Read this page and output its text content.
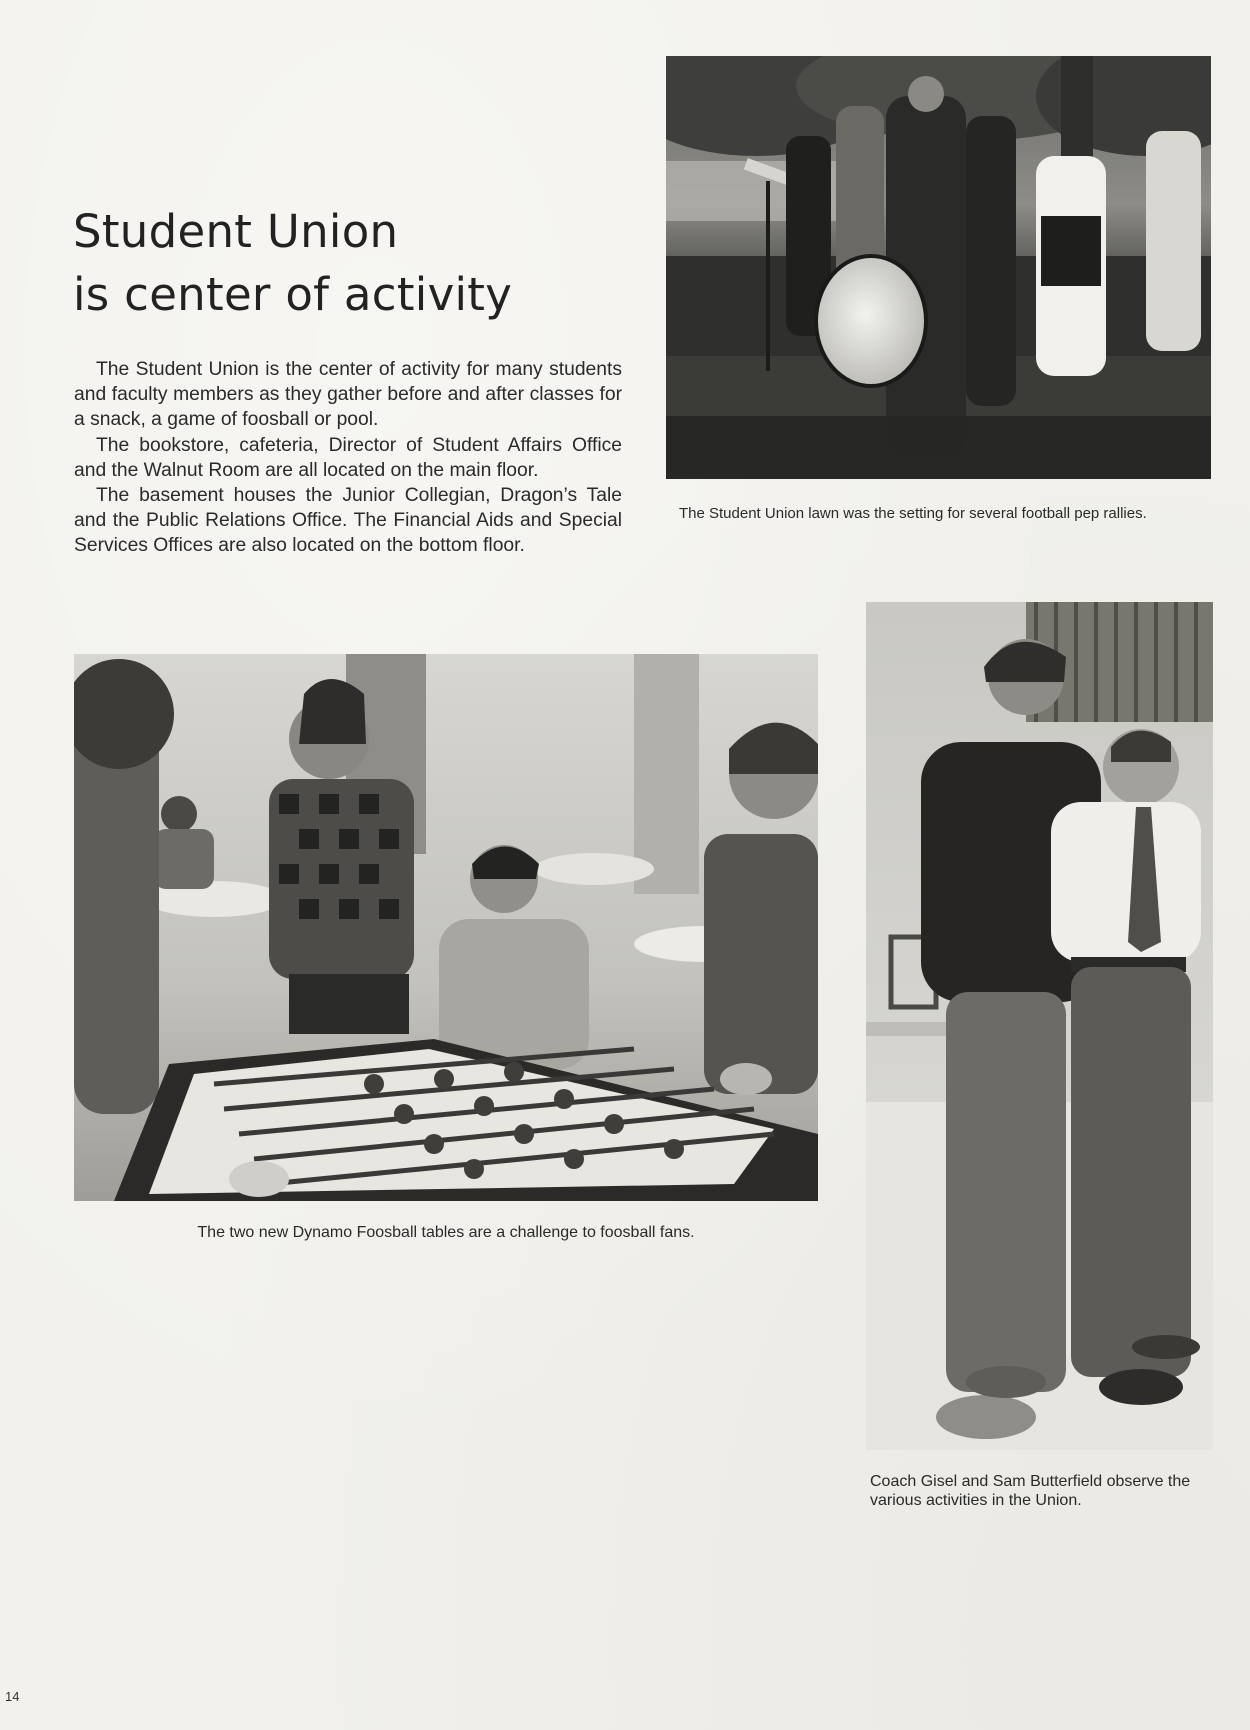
Student Union
is center of activity

The Student Union is the center of activity for many students and faculty members as they gather before and after classes for a snack, a game of foosball or pool.

The bookstore, cafeteria, Director of Student Affairs Office and the Walnut Room are all located on the main floor.

The basement houses the Junior Collegian, Dragon’s Tale and the Public Relations Office. The Financial Aids and Special Services Offices are also located on the bottom floor.

The Student Union lawn was the setting for several football pep rallies.
The two new Dynamo Foosball tables are a challenge to foosball fans.
Coach Gisel and Sam Butterfield observe the various activities in the Union.
14
